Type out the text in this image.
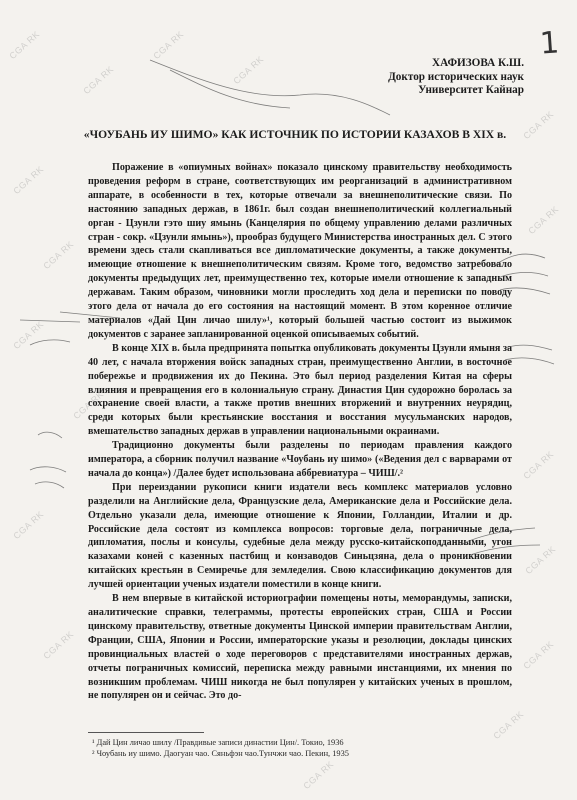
1
ХАФИЗОВА К.Ш.
Доктор исторических наук
Университет Кайнар
«ЧОУБАНЬ ИУ ШИМО» КАК ИСТОЧНИК ПО ИСТОРИИ КАЗАХОВ В XIX в.

Поражение в «опиумных войнах» показало цинскому правительству необходимость проведения реформ в стране, соответствующих им реорганизаций в административном аппарате, в особенности в тех, которые отвечали за внешнеполитические связи. По настоянию западных держав, в 1861г. был создан внешнеполитический коллегиальный орган - Цзунли гэто шиу ямынь (Канцелярия по общему управлению делами различных стран - сокр. «Цзунли ямынь»), прообраз будущего Министерства иностранных дел. С этого времени здесь стали скапливаться все дипломатические документы, а также документы, имеющие отношение к внешнеполитическим связям. Кроме того, ведомство затребовало документы предыдущих лет, преимущественно тех, которые имели отношение к западным державам. Таким образом, чиновники могли проследить ход дела и переписки по поводу этого дела от начала до его состояния на настоящий момент. В этом коренное отличие материалов «Дай Цин личао шилу»¹, который большей частью состоит из выжимок документов с заранее запланированной оценкой описываемых событий.

В конце XIX в. была предпринята попытка опубликовать документы Цзунли ямыня за 40 лет, с начала вторжения войск западных стран, преимущественно Англии, в восточное побережье и продвижения их до Пекина. Это был период разделения Китая на сферы влияния и превращения его в колониальную страну. Династия Цин судорожно боролась за сохранение своей власти, а также против внешних вторжений и внутренних неурядиц, среди которых были крестьянские восстания и восстания мусульманских народов, вмешательство западных держав в управлении национальными окраинами.

Традиционно документы были разделены по периодам правления каждого императора, а сборник получил название «Чоубань иу шимо» («Ведения дел с варварами от начала до конца») /Далее будет использована аббревиатура – ЧИШ/.²

При переиздании рукописи книги издатели весь комплекс материалов условно разделили на Английские дела, Французские дела, Американские дела и Российские дела. Отдельно указали дела, имеющие отношение к Японии, Голландии, Италии и др. Российские дела состоят из комплекса вопросов: торговые дела, пограничные дела, дипломатия, послы и консулы, судебные дела между русско-китайскоподданными, угон казахами коней с казенных пастбищ и конзаводов Синьцзяна, дела о проникновении китайских крестьян в Семиречье для земледелия. Свою классификацию документов для лучшей ориентации ученых издатели поместили в конце книги.

В нем впервые в китайской историографии помещены ноты, меморандумы, записки, аналитические справки, телеграммы, протесты европейских стран, США и России цинскому правительству, ответные документы Цинской империи правительствам Англии, Франции, США, Японии и России, императорские указы и резолюции, доклады цинских провинциальных властей о ходе переговоров с представителями иностранных держав, отчеты пограничных комиссий, переписка между равными инстанциями, их мнения по возникшим проблемам. ЧИШ никогда не был популярен у китайских ученых в прошлом, не популярен он и сейчас. Это до-

¹ Дай Цин личао шилу /Правдивые записи династии Цин/. Токио, 1936
² Чоубань иу шимо. Даогуан чао. Сяньфэн чао.Тунчжи чао. Пекин, 1935
CGA RK
CGA RK
CGA RK
CGA RK
CGA RK
CGA RK
CGA RK
CGA RK
CGA RK
CGA RK
CGA RK
CGA RK
CGA RK
CGA RK
CGA RK
CGA RK
CGA RK
